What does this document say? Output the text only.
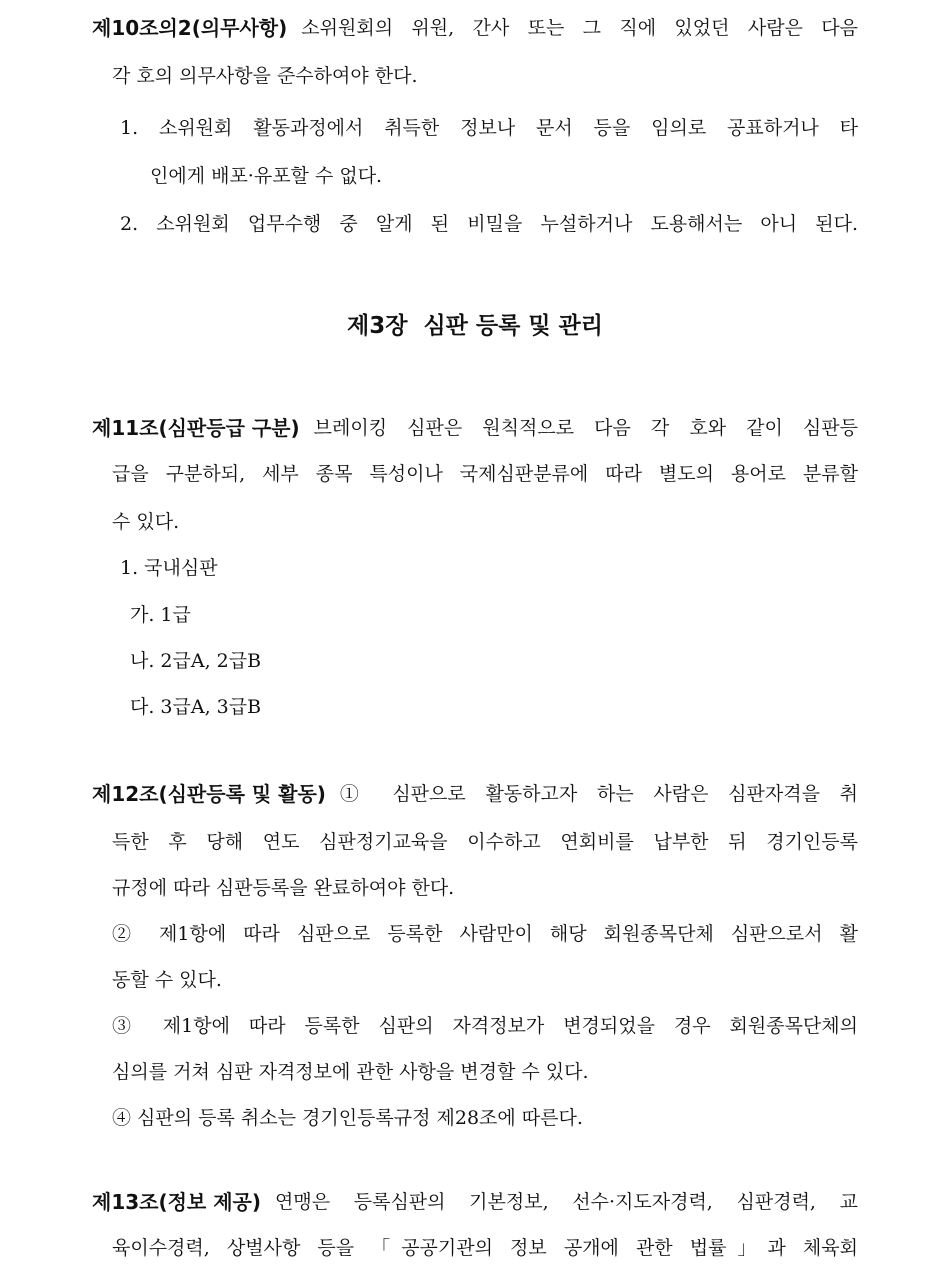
제10조의2(의무사항) 소위원회의 위원, 간사 또는 그 직에 있었던 사람은 다음
각 호의 의무사항을 준수하여야 한다.
1. 소위원회 활동과정에서 취득한 정보나 문서 등을 임의로 공표하거나 타
인에게 배포·유포할 수 없다.
2. 소위원회 업무수행 중 알게 된 비밀을 누설하거나 도용해서는 아니 된다.
제3장  심판 등록 및 관리
제11조(심판등급 구분) 브레이킹 심판은 원칙적으로 다음 각 호와 같이 심판등
급을 구분하되, 세부 종목 특성이나 국제심판분류에 따라 별도의 용어로 분류할
수 있다.
1. 국내심판
가. 1급
나. 2급A, 2급B
다. 3급A, 3급B
제12조(심판등록 및 활동) ① 심판으로 활동하고자 하는 사람은 심판자격을 취
득한 후 당해 연도 심판정기교육을 이수하고 연회비를 납부한 뒤 경기인등록
규정에 따라 심판등록을 완료하여야 한다.
② 제1항에 따라 심판으로 등록한 사람만이 해당 회원종목단체 심판으로서 활
동할 수 있다.
③ 제1항에 따라 등록한 심판의 자격정보가 변경되었을 경우 회원종목단체의
심의를 거쳐 심판 자격정보에 관한 사항을 변경할 수 있다.
④ 심판의 등록 취소는 경기인등록규정 제28조에 따른다.
제13조(정보 제공) 연맹은 등록심판의 기본정보, 선수·지도자경력, 심판경력, 교
육이수경력, 상벌사항 등을 「공공기관의 정보 공개에 관한 법률」과 체육회
